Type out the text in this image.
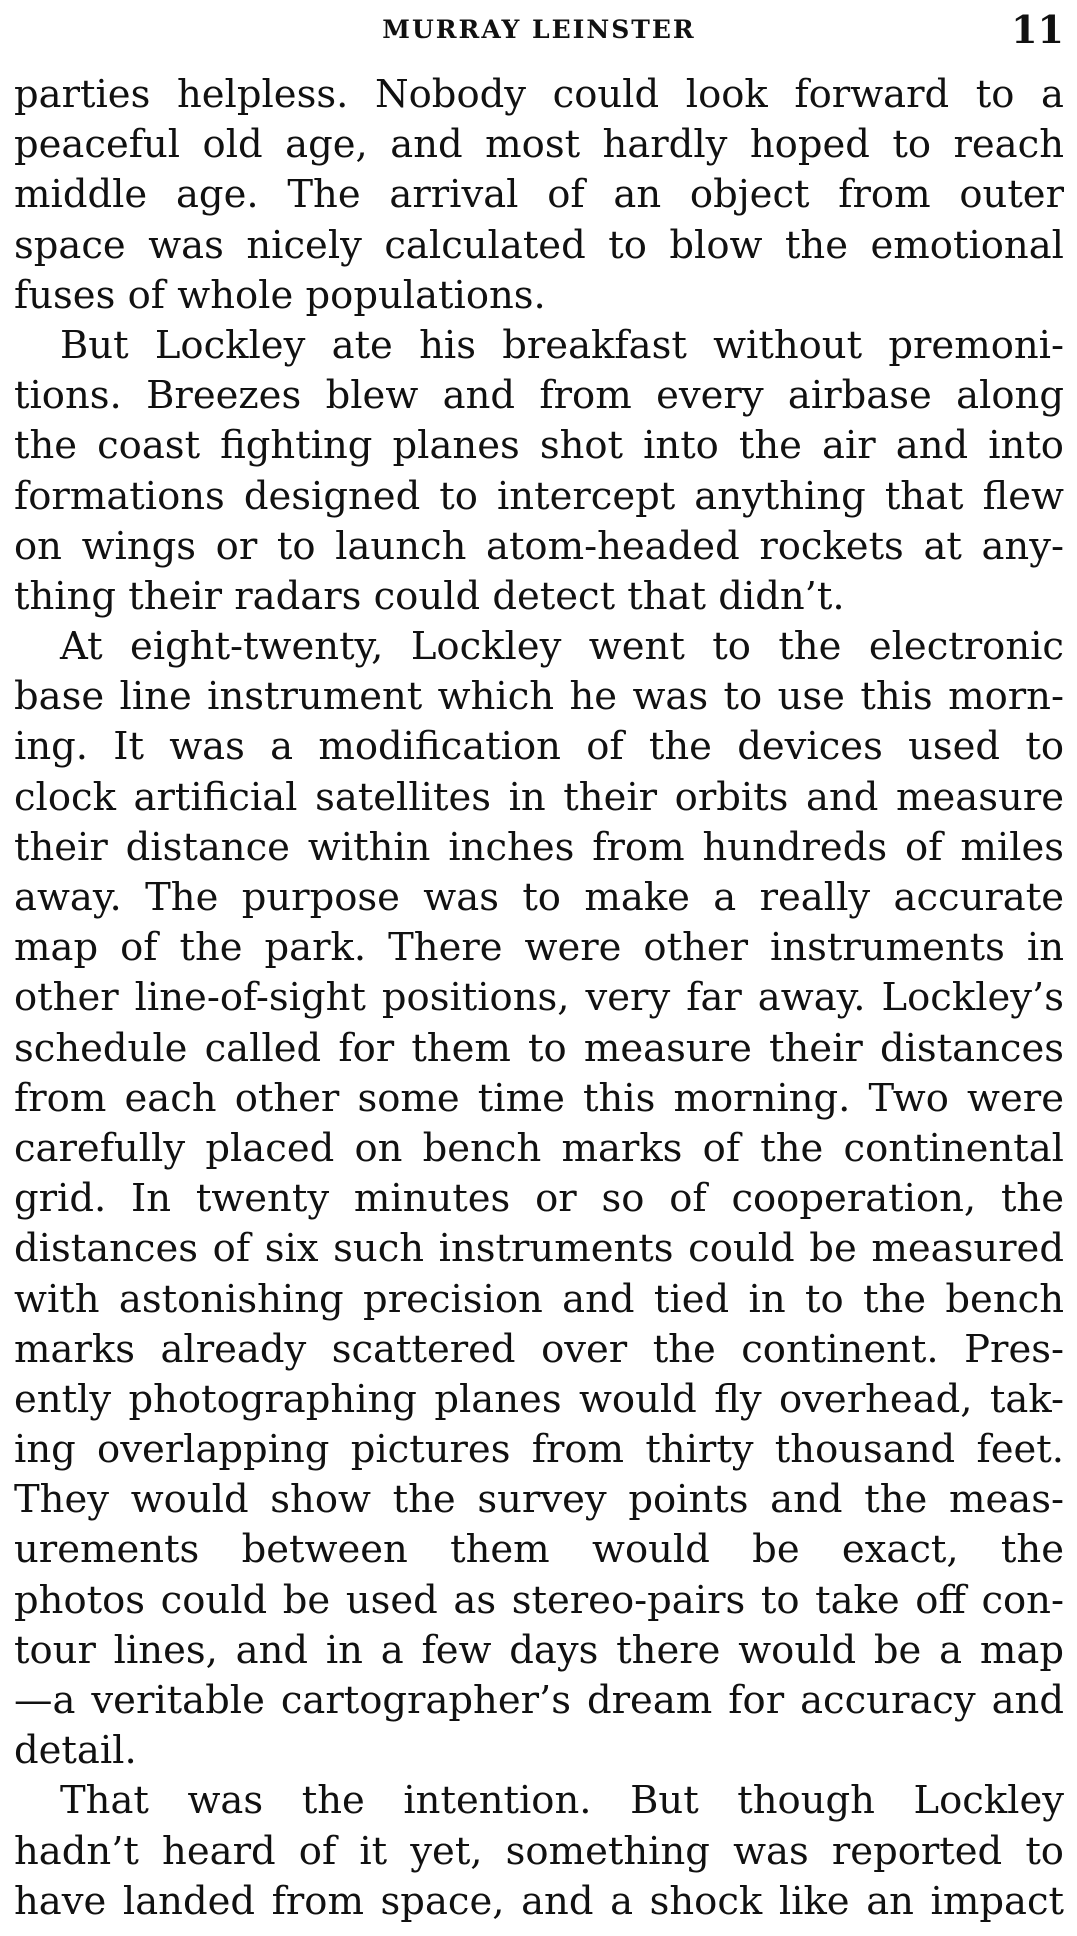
MURRAY LEINSTER	11
parties helpless. Nobody could look forward to a
peaceful old age, and most hardly hoped to reach
middle age. The arrival of an object from outer
space was nicely calculated to blow the emotional
fuses of whole populations.
But Lockley ate his breakfast without premoni-
tions. Breezes blew and from every airbase along
the coast fighting planes shot into the air and into
formations designed to intercept anything that flew
on wings or to launch atom-headed rockets at any-
thing their radars could detect that didn’t.
At eight-twenty, Lockley went to the electronic
base line instrument which he was to use this morn-
ing. It was a modification of the devices used to
clock artificial satellites in their orbits and measure
their distance within inches from hundreds of miles
away. The purpose was to make a really accurate
map of the park. There were other instruments in
other line-of-sight positions, very far away. Lockley’s
schedule called for them to measure their distances
from each other some time this morning. Two were
carefully placed on bench marks of the continental
grid. In twenty minutes or so of cooperation, the
distances of six such instruments could be measured
with astonishing precision and tied in to the bench
marks already scattered over the continent. Pres-
ently photographing planes would fly overhead, tak-
ing overlapping pictures from thirty thousand feet.
They would show the survey points and the meas-
urements between them would be exact, the
photos could be used as stereo-pairs to take off con-
tour lines, and in a few days there would be a map
—a veritable cartographer’s dream for accuracy and
detail.
That was the intention. But though Lockley
hadn’t heard of it yet, something was reported to
have landed from space, and a shock like an impact
